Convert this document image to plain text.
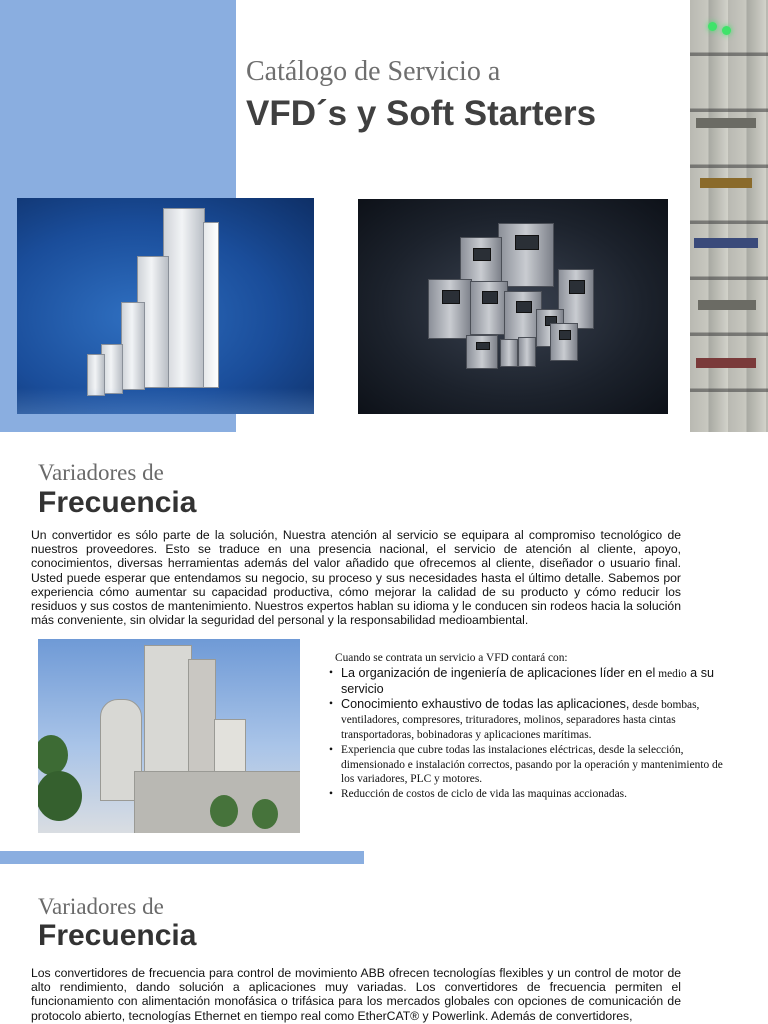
Catálogo de Servicio a
VFD´s y Soft Starters
Variadores de
Frecuencia
Un convertidor es sólo parte de la solución, Nuestra atención al servicio se equipara al compromiso tecnológico de nuestros proveedores. Esto se traduce en una presencia nacional, el servicio de atención al cliente, apoyo, conocimientos, diversas herramientas además del valor añadido que ofrecemos al cliente, diseñador o usuario final. Usted puede esperar que entendamos su negocio, su proceso y sus necesidades hasta el último detalle. Sabemos por experiencia cómo aumentar su capacidad productiva, cómo mejorar la calidad de su producto y cómo reducir los residuos y sus costos de mantenimiento. Nuestros expertos hablan su idioma y le conducen sin rodeos hacia la solución más conveniente, sin olvidar la seguridad del personal y la responsabilidad medioambiental.
Cuando se contrata un servicio a VFD contará con:
• La organización de ingeniería de aplicaciones líder en el medio a su servicio
• Conocimiento exhaustivo de todas las aplicaciones, desde bombas, ventiladores, compresores, trituradores, molinos, separadores hasta cintas transportadoras, bobinadoras y aplicaciones marítimas.
• Experiencia que cubre todas las instalaciones eléctricas, desde la selección, dimensionado e instalación correctos, pasando por la operación y mantenimiento de los variadores, PLC y motores.
• Reducción de costos de ciclo de vida las maquinas accionadas.
Variadores de
Frecuencia
Los convertidores de frecuencia para control de movimiento ABB ofrecen tecnologías flexibles y un control de motor de alto rendimiento, dando solución a aplicaciones muy variadas. Los convertidores de frecuencia permiten el funcionamiento con alimentación monofásica o trifásica para los mercados globales con opciones de comunicación de protocolo abierto, tecnologías Ethernet en tiempo real como EtherCAT® y Powerlink. Además de convertidores,
